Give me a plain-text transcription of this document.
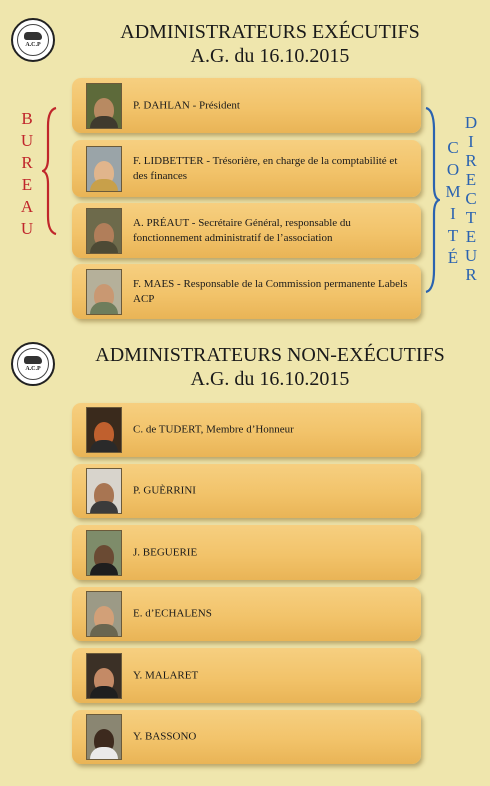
A.C.P
A.C.P
ADMINISTRATEURS EXÉCUTIFS
A.G. du 16.10.2015
ADMINISTRATEURS NON-EXÉCUTIFS
A.G. du 16.10.2015
B
U
R
E
A
U
C
O
M
I
T
É
D
I
R
E
C
T
E
U
R
P. DAHLAN - Président
F. LIDBETTER - Trésorière, en charge de la comptabilité et des finances
A. PRÉAUT - Secrétaire Général, responsable du fonctionnement administratif de l’association
F. MAES - Responsable de la Commission permanente Labels ACP
C. de TUDERT, Membre d’Honneur
P. GUÈRRINI
J. BEGUERIE
E. d’ECHALENS
Y. MALARET
Y. BASSONO
